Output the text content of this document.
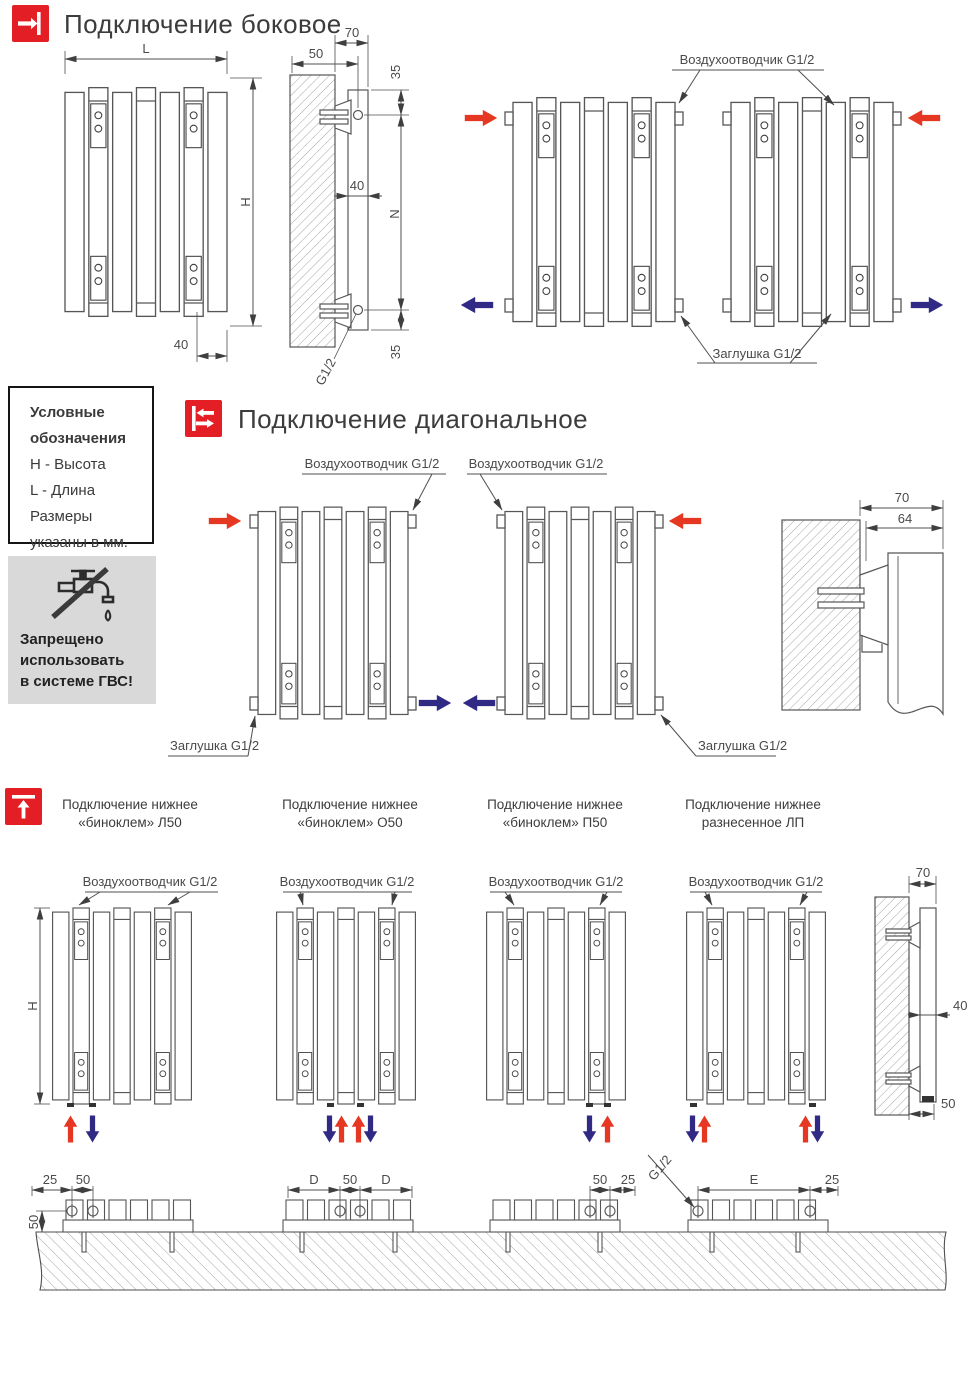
Подключение боковое
Подключение диагональное
Условные
обозначения
Н - Высота
L - Длина
Размеры
указаны в мм.
Запрещено
использовать
в системе ГВС!
Подключение нижнее
«биноклем» Л50
Подключение нижнее
«биноклем» О50
Подключение нижнее
«биноклем» П50
Подключение нижнее
разнесенное ЛП
L
H
40
70
50
35
N
35
40
G1/2
Воздухоотводчик G1/2
Заглушка G1/2
Воздухоотводчик G1/2 Воздухоотводчик G1/2
Заглушка G1/2	Заглушка G1/2
70
64
H
Воздухоотводчик G1/2	Воздухоотводчик G1/2	Воздухоотводчик G1/2	Воздухоотводчик G1/2
70
40
50
25 50
50
D 50 D	50 25	E	25
G1/2
